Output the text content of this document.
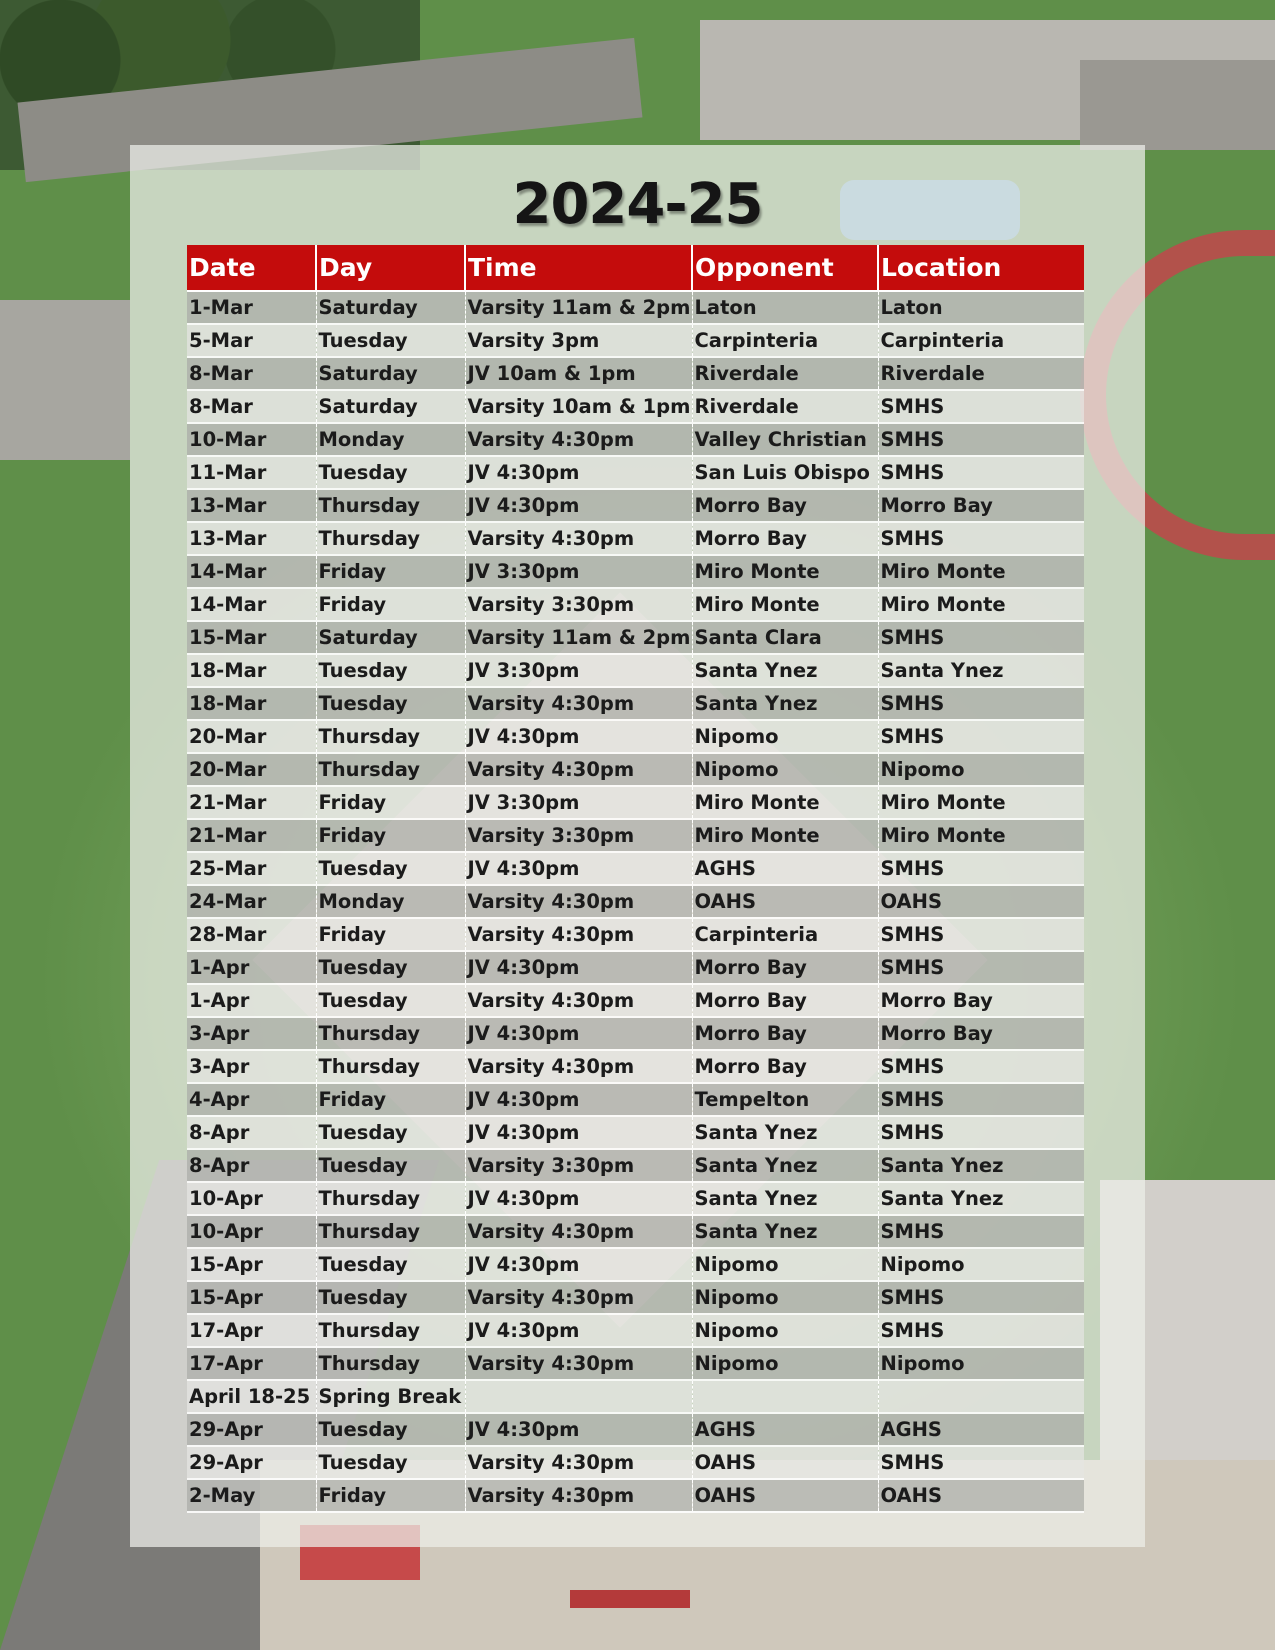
2024-25
Date	Day	Time	Opponent	Location
1-Mar	Saturday	Varsity 11am & 2pm	Laton	Laton
5-Mar	Tuesday	Varsity 3pm	Carpinteria	Carpinteria
8-Mar	Saturday	JV 10am & 1pm	Riverdale	Riverdale
8-Mar	Saturday	Varsity 10am & 1pm	Riverdale	SMHS
10-Mar	Monday	Varsity 4:30pm	Valley Christian	SMHS
11-Mar	Tuesday	JV 4:30pm	San Luis Obispo	SMHS
13-Mar	Thursday	JV 4:30pm	Morro Bay	Morro Bay
13-Mar	Thursday	Varsity 4:30pm	Morro Bay	SMHS
14-Mar	Friday	JV 3:30pm	Miro Monte	Miro Monte
14-Mar	Friday	Varsity 3:30pm	Miro Monte	Miro Monte
15-Mar	Saturday	Varsity 11am & 2pm	Santa Clara	SMHS
18-Mar	Tuesday	JV 3:30pm	Santa Ynez	Santa Ynez
18-Mar	Tuesday	Varsity 4:30pm	Santa Ynez	SMHS
20-Mar	Thursday	JV 4:30pm	Nipomo	SMHS
20-Mar	Thursday	Varsity 4:30pm	Nipomo	Nipomo
21-Mar	Friday	JV 3:30pm	Miro Monte	Miro Monte
21-Mar	Friday	Varsity 3:30pm	Miro Monte	Miro Monte
25-Mar	Tuesday	JV 4:30pm	AGHS	SMHS
24-Mar	Monday	Varsity 4:30pm	OAHS	OAHS
28-Mar	Friday	Varsity 4:30pm	Carpinteria	SMHS
1-Apr	Tuesday	JV 4:30pm	Morro Bay	SMHS
1-Apr	Tuesday	Varsity 4:30pm	Morro Bay	Morro Bay
3-Apr	Thursday	JV 4:30pm	Morro Bay	Morro Bay
3-Apr	Thursday	Varsity 4:30pm	Morro Bay	SMHS
4-Apr	Friday	JV 4:30pm	Tempelton	SMHS
8-Apr	Tuesday	JV 4:30pm	Santa Ynez	SMHS
8-Apr	Tuesday	Varsity 3:30pm	Santa Ynez	Santa Ynez
10-Apr	Thursday	JV 4:30pm	Santa Ynez	Santa Ynez
10-Apr	Thursday	Varsity 4:30pm	Santa Ynez	SMHS
15-Apr	Tuesday	JV 4:30pm	Nipomo	Nipomo
15-Apr	Tuesday	Varsity 4:30pm	Nipomo	SMHS
17-Apr	Thursday	JV 4:30pm	Nipomo	SMHS
17-Apr	Thursday	Varsity 4:30pm	Nipomo	Nipomo
April 18-25	Spring Break			
29-Apr	Tuesday	JV 4:30pm	AGHS	AGHS
29-Apr	Tuesday	Varsity 4:30pm	OAHS	SMHS
2-May	Friday	Varsity 4:30pm	OAHS	OAHS
